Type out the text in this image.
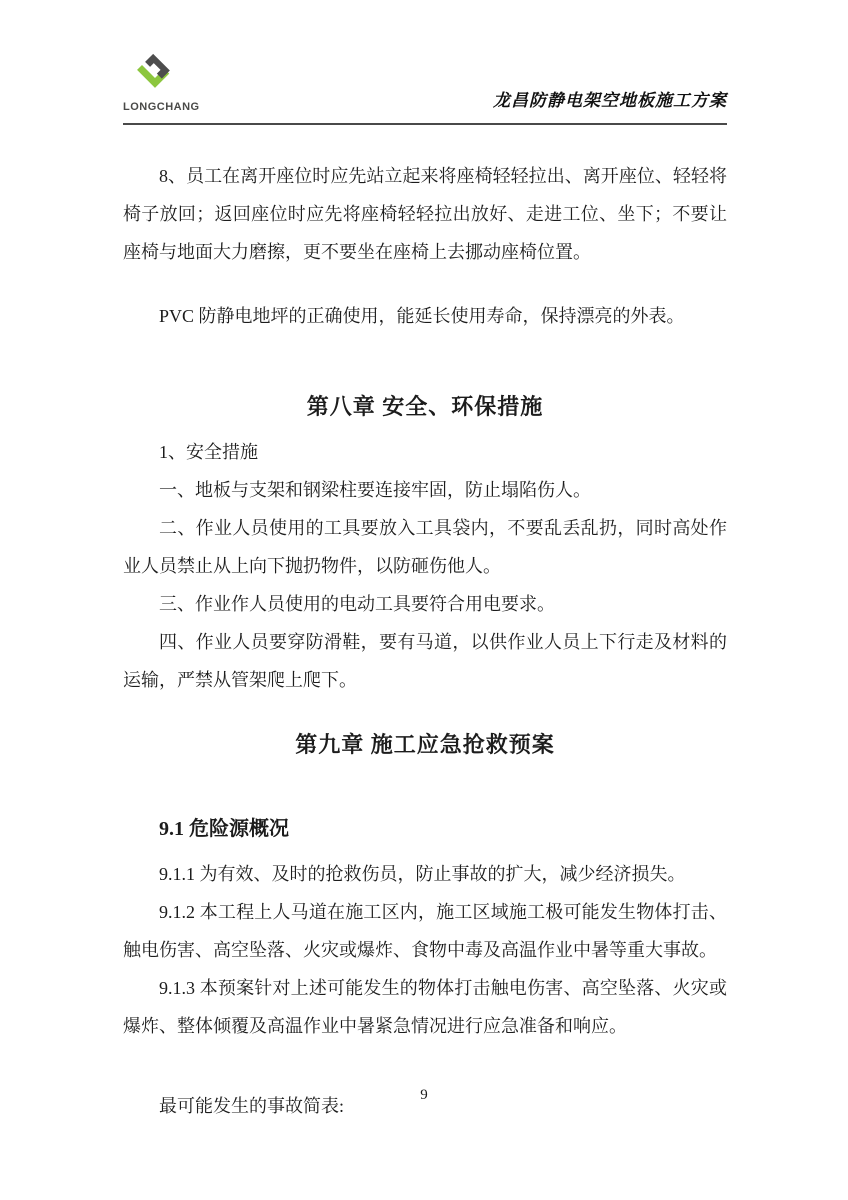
LONGCHANG	龙昌防静电架空地板施工方案

8、员工在离开座位时应先站立起来将座椅轻轻拉出、离开座位、轻轻将椅子放回；返回座位时应先将座椅轻轻拉出放好、走进工位、坐下；不要让座椅与地面大力磨擦，更不要坐在座椅上去挪动座椅位置。

PVC 防静电地坪的正确使用，能延长使用寿命，保持漂亮的外表。

第八章 安全、环保措施

1、安全措施

一、地板与支架和钢梁柱要连接牢固，防止塌陷伤人。

二、作业人员使用的工具要放入工具袋内，不要乱丢乱扔，同时高处作业人员禁止从上向下抛扔物件，以防砸伤他人。

三、作业作人员使用的电动工具要符合用电要求。

四、作业人员要穿防滑鞋，要有马道，以供作业人员上下行走及材料的运输，严禁从管架爬上爬下。

第九章 施工应急抢救预案
9.1 危险源概况

9.1.1 为有效、及时的抢救伤员，防止事故的扩大，减少经济损失。

9.1.2 本工程上人马道在施工区内，施工区域施工极可能发生物体打击、触电伤害、高空坠落、火灾或爆炸、食物中毒及高温作业中暑等重大事故。

9.1.3 本预案针对上述可能发生的物体打击触电伤害、高空坠落、火灾或爆炸、整体倾覆及高温作业中暑紧急情况进行应急准备和响应。

最可能发生的事故简表:

9
